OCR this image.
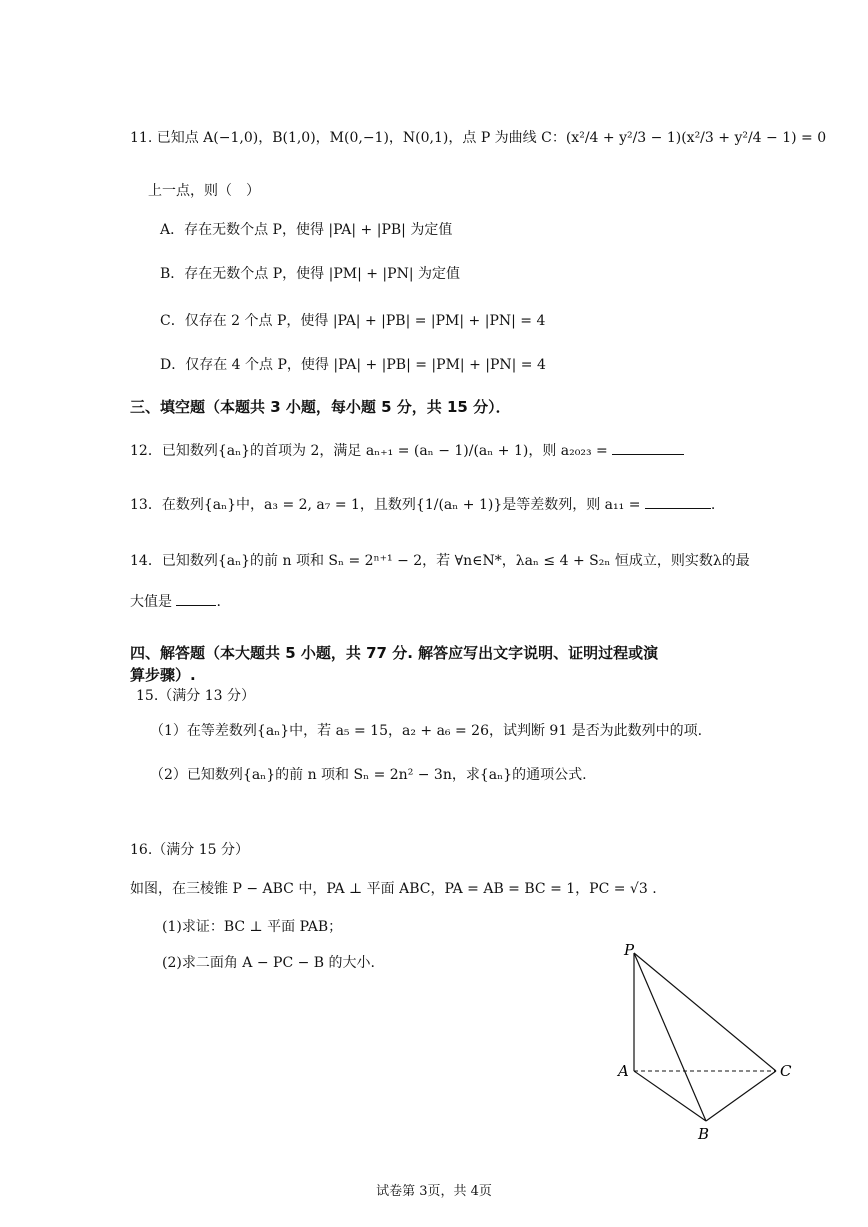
11. 已知点 A(−1,0)，B(1,0)，M(0,−1)，N(0,1)，点 P 为曲线 C：(x²/4 + y²/3 − 1)(x²/3 + y²/4 − 1) = 0
上一点，则（　）
A．存在无数个点 P，使得 |PA| + |PB| 为定值
B．存在无数个点 P，使得 |PM| + |PN| 为定值
C．仅存在 2 个点 P，使得 |PA| + |PB| = |PM| + |PN| = 4
D．仅存在 4 个点 P，使得 |PA| + |PB| = |PM| + |PN| = 4
三、填空题（本题共 3 小题，每小题 5 分，共 15 分）．
12．已知数列{aₙ}的首项为 2，满足 aₙ₊₁ = (aₙ − 1)/(aₙ + 1)，则 a₂₀₂₃ =
13．在数列{aₙ}中，a₃ = 2, a₇ = 1，且数列{1/(aₙ + 1)}是等差数列，则 a₁₁ =	.
14．已知数列{aₙ}的前 n 项和 Sₙ = 2ⁿ⁺¹ − 2，若 ∀n∈N*，λaₙ ≤ 4 + S₂ₙ 恒成立，则实数λ的最
大值是	.
四、解答题（本大题共 5 小题，共 77 分. 解答应写出文字说明、证明过程或演
算步骤）.
15.（满分 13 分）
（1）在等差数列{aₙ}中，若 a₅ = 15，a₂ + a₆ = 26，试判断 91 是否为此数列中的项.
（2）已知数列{aₙ}的前 n 项和 Sₙ = 2n² − 3n，求{aₙ}的通项公式.
16.（满分 15 分）
如图，在三棱锥 P − ABC 中，PA ⊥ 平面 ABC，PA = AB = BC = 1，PC = √3 .
(1)求证：BC ⊥ 平面 PAB；
(2)求二面角 A − PC − B 的大小.
P
A
B
C
试卷第 3页，共 4页
